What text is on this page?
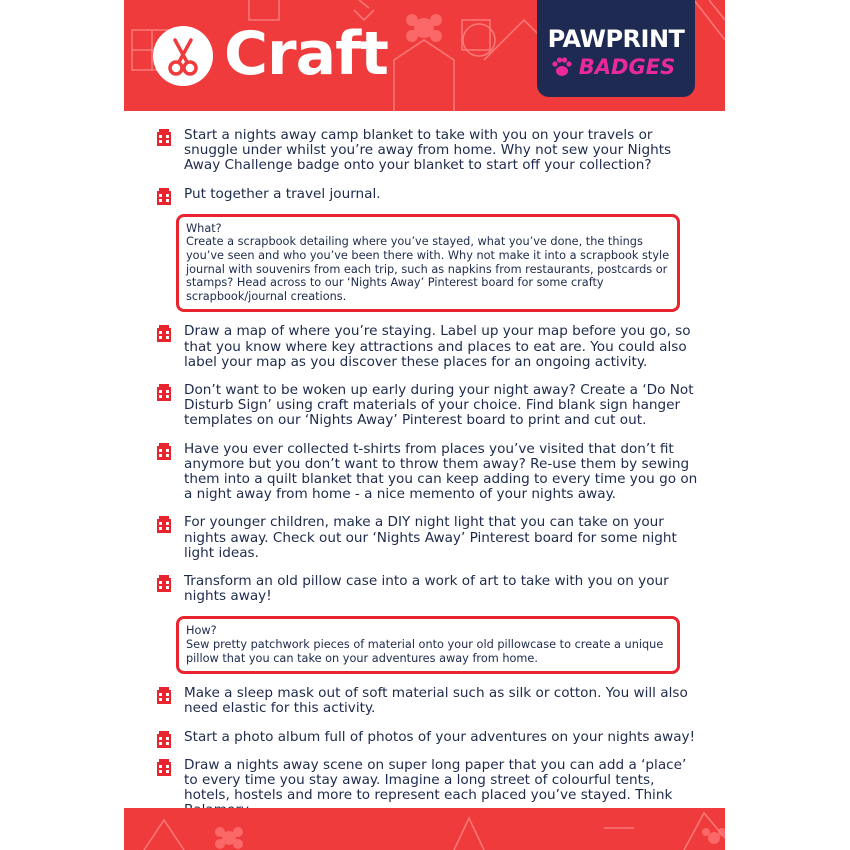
Craft	PAWPRINT
BADGES
Start a nights away camp blanket to take with you on your travels or snuggle under whilst you’re away from home. Why not sew your Nights Away Challenge badge onto your blanket to start off your collection?
Put together a travel journal.
What?
Create a scrapbook detailing where you’ve stayed, what you’ve done, the things you’ve seen and who you’ve been there with. Why not make it into a scrapbook style journal with souvenirs from each trip, such as napkins from restaurants, postcards or stamps? Head across to our ‘Nights Away’ Pinterest board for some crafty scrapbook/journal creations.
Draw a map of where you’re staying. Label up your map before you go, so that you know where key attractions and places to eat are. You could also label your map as you discover these places for an ongoing activity.
Don’t want to be woken up early during your night away? Create a ‘Do Not Disturb Sign’ using craft materials of your choice. Find blank sign hanger templates on our ‘Nights Away’ Pinterest board to print and cut out.
Have you ever collected t-shirts from places you’ve visited that don’t fit anymore but you don’t want to throw them away? Re-use them by sewing them into a quilt blanket that you can keep adding to every time you go on a night away from home - a nice memento of your nights away.
For younger children, make a DIY night light that you can take on your nights away. Check out our ‘Nights Away’ Pinterest board for some night light ideas.
Transform an old pillow case into a work of art to take with you on your nights away!
How?
Sew pretty patchwork pieces of material onto your old pillowcase to create a unique pillow that you can take on your adventures away from home.
Make a sleep mask out of soft material such as silk or cotton. You will also need elastic for this activity.
Start a photo album full of photos of your adventures on your nights away!
Draw a nights away scene on super long paper that you can add a ‘place’ to every time you stay away. Imagine a long street of colourful tents, hotels, hostels and more to represent each placed you’ve stayed. Think
